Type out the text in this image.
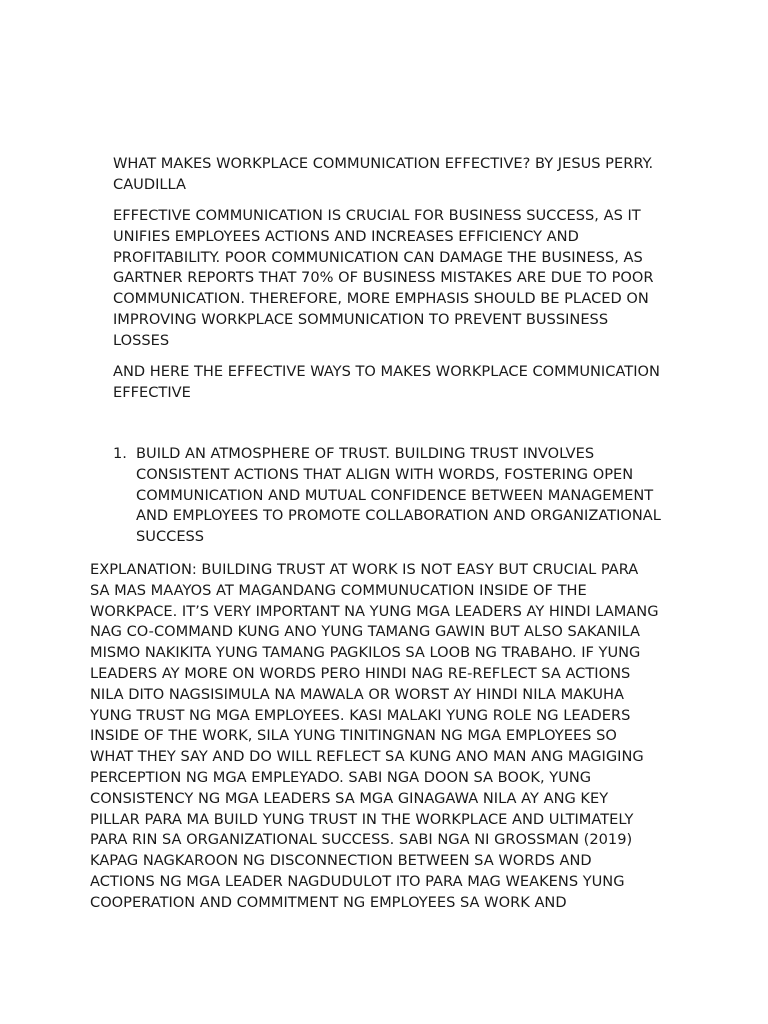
WHAT MAKES WORKPLACE COMMUNICATION EFFECTIVE? BY JESUS PERRY.
CAUDILLA

EFFECTIVE COMMUNICATION IS CRUCIAL FOR BUSINESS SUCCESS, AS IT
UNIFIES EMPLOYEES ACTIONS AND INCREASES EFFICIENCY AND
PROFITABILITY. POOR COMMUNICATION CAN DAMAGE THE BUSINESS, AS
GARTNER REPORTS THAT 70% OF BUSINESS MISTAKES ARE DUE TO POOR
COMMUNICATION. THEREFORE, MORE EMPHASIS SHOULD BE PLACED ON
IMPROVING WORKPLACE SOMMUNICATION TO PREVENT BUSSINESS
LOSSES

AND HERE THE EFFECTIVE WAYS TO MAKES WORKPLACE COMMUNICATION
EFFECTIVE

1. BUILD AN ATMOSPHERE OF TRUST. BUILDING TRUST INVOLVES
CONSISTENT ACTIONS THAT ALIGN WITH WORDS, FOSTERING OPEN
COMMUNICATION AND MUTUAL CONFIDENCE BETWEEN MANAGEMENT
AND EMPLOYEES TO PROMOTE COLLABORATION AND ORGANIZATIONAL
SUCCESS

EXPLANATION: BUILDING TRUST AT WORK IS NOT EASY BUT CRUCIAL PARA
SA MAS MAAYOS AT MAGANDANG COMMUNUCATION INSIDE OF THE
WORKPACE. IT’S VERY IMPORTANT NA YUNG MGA LEADERS AY HINDI LAMANG
NAG CO-COMMAND KUNG ANO YUNG TAMANG GAWIN BUT ALSO SAKANILA
MISMO NAKIKITA YUNG TAMANG PAGKILOS SA LOOB NG TRABAHO. IF YUNG
LEADERS AY MORE ON WORDS PERO HINDI NAG RE-REFLECT SA ACTIONS
NILA DITO NAGSISIMULA NA MAWALA OR WORST AY HINDI NILA MAKUHA
YUNG TRUST NG MGA EMPLOYEES. KASI MALAKI YUNG ROLE NG LEADERS
INSIDE OF THE WORK, SILA YUNG TINITINGNAN NG MGA EMPLOYEES SO
WHAT THEY SAY AND DO WILL REFLECT SA KUNG ANO MAN ANG MAGIGING
PERCEPTION NG MGA EMPLEYADO. SABI NGA DOON SA BOOK, YUNG
CONSISTENCY NG MGA LEADERS SA MGA GINAGAWA NILA AY ANG KEY
PILLAR PARA MA BUILD YUNG TRUST IN THE WORKPLACE AND ULTIMATELY
PARA RIN SA ORGANIZATIONAL SUCCESS. SABI NGA NI GROSSMAN (2019)
KAPAG NAGKAROON NG DISCONNECTION BETWEEN SA WORDS AND
ACTIONS NG MGA LEADER NAGDUDULOT ITO PARA MAG WEAKENS YUNG
COOPERATION AND COMMITMENT NG EMPLOYEES SA WORK AND
